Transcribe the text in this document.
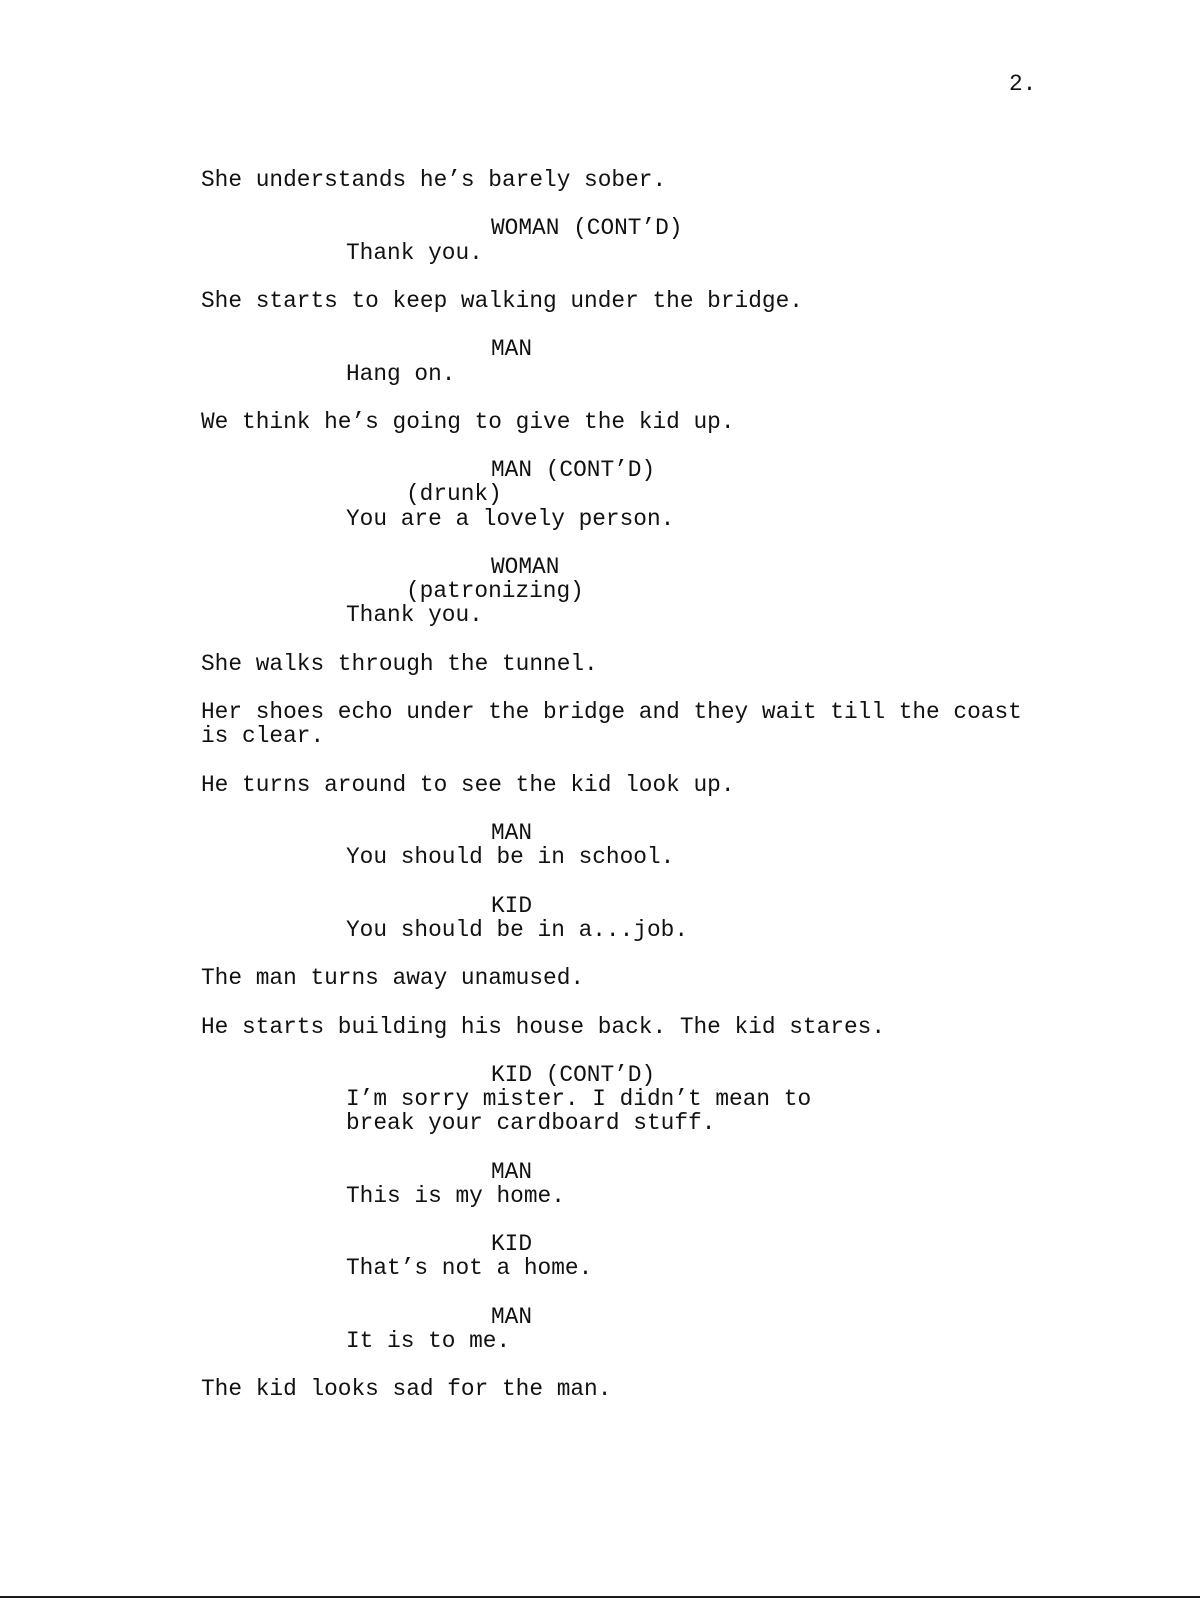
2.
She understands he’s barely sober.
WOMAN (CONT’D)
Thank you.
She starts to keep walking under the bridge.
MAN
Hang on.
We think he’s going to give the kid up.
MAN (CONT’D)
(drunk)
You are a lovely person.
WOMAN
(patronizing)
Thank you.
She walks through the tunnel.
Her shoes echo under the bridge and they wait till the coast
is clear.
He turns around to see the kid look up.
MAN
You should be in school.
KID
You should be in a...job.
The man turns away unamused.
He starts building his house back. The kid stares.
KID (CONT’D)
I’m sorry mister. I didn’t mean to
break your cardboard stuff.
MAN
This is my home.
KID
That’s not a home.
MAN
It is to me.
The kid looks sad for the man.
